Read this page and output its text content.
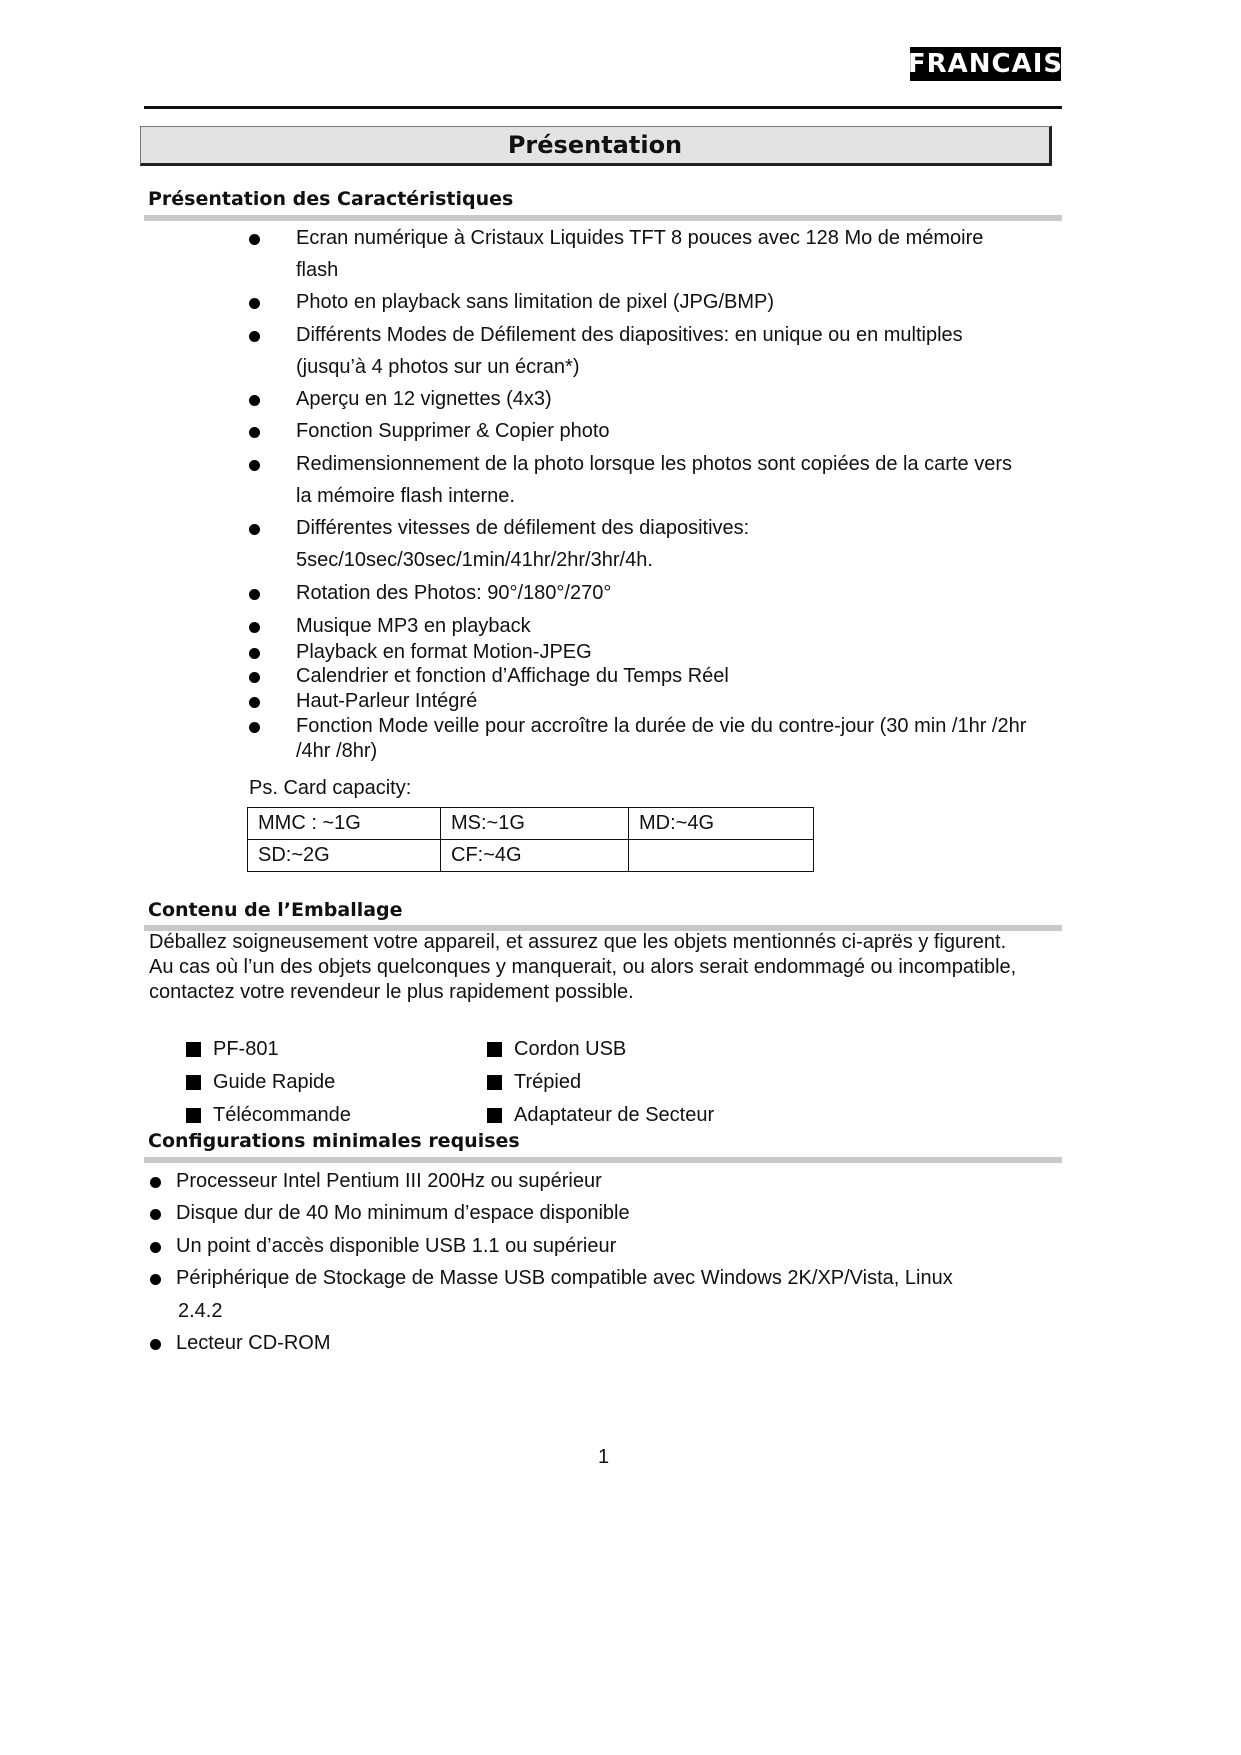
FRANCAIS
Présentation
Présentation des Caractéristiques
Ecran numérique à Cristaux Liquides TFT 8 pouces avec 128 Mo de mémoire
flash
Photo en playback sans limitation de pixel (JPG/BMP)
Différents Modes de Défilement des diapositives: en unique ou en multiples
(jusqu’à 4 photos sur un écran*)
Aperçu en 12 vignettes (4x3)
Fonction Supprimer & Copier photo
Redimensionnement de la photo lorsque les photos sont copiées de la carte vers
la mémoire flash interne.
Différentes vitesses de défilement des diapositives:
5sec/10sec/30sec/1min/41hr/2hr/3hr/4h.
Rotation des Photos: 90°/180°/270°
Musique MP3 en playback
Playback en format Motion-JPEG
Calendrier et fonction d’Affichage du Temps Réel
Haut-Parleur Intégré
Fonction Mode veille pour accroître la durée de vie du contre-jour (30 min /1hr /2hr
/4hr /8hr)
Ps. Card capacity:
MMC : ~1G	MS:~1G	MD:~4G
SD:~2G	CF:~4G	
Contenu de l’Emballage
Déballez soigneusement votre appareil, et assurez que les objets mentionnés ci-aprës y figurent.
Au cas où l’un des objets quelconques y manquerait, ou alors serait endommagé ou incompatible,
contactez votre revendeur le plus rapidement possible.
PF-801	Cordon USB
Guide Rapide	Trépied
Télécommande	Adaptateur de Secteur
Configurations minimales requises
Processeur Intel Pentium III 200Hz ou supérieur
Disque dur de 40 Mo minimum d’espace disponible
Un point d’accès disponible USB 1.1 ou supérieur
Périphérique de Stockage de Masse USB compatible avec Windows 2K/XP/Vista, Linux
2.4.2
Lecteur CD-ROM
1
